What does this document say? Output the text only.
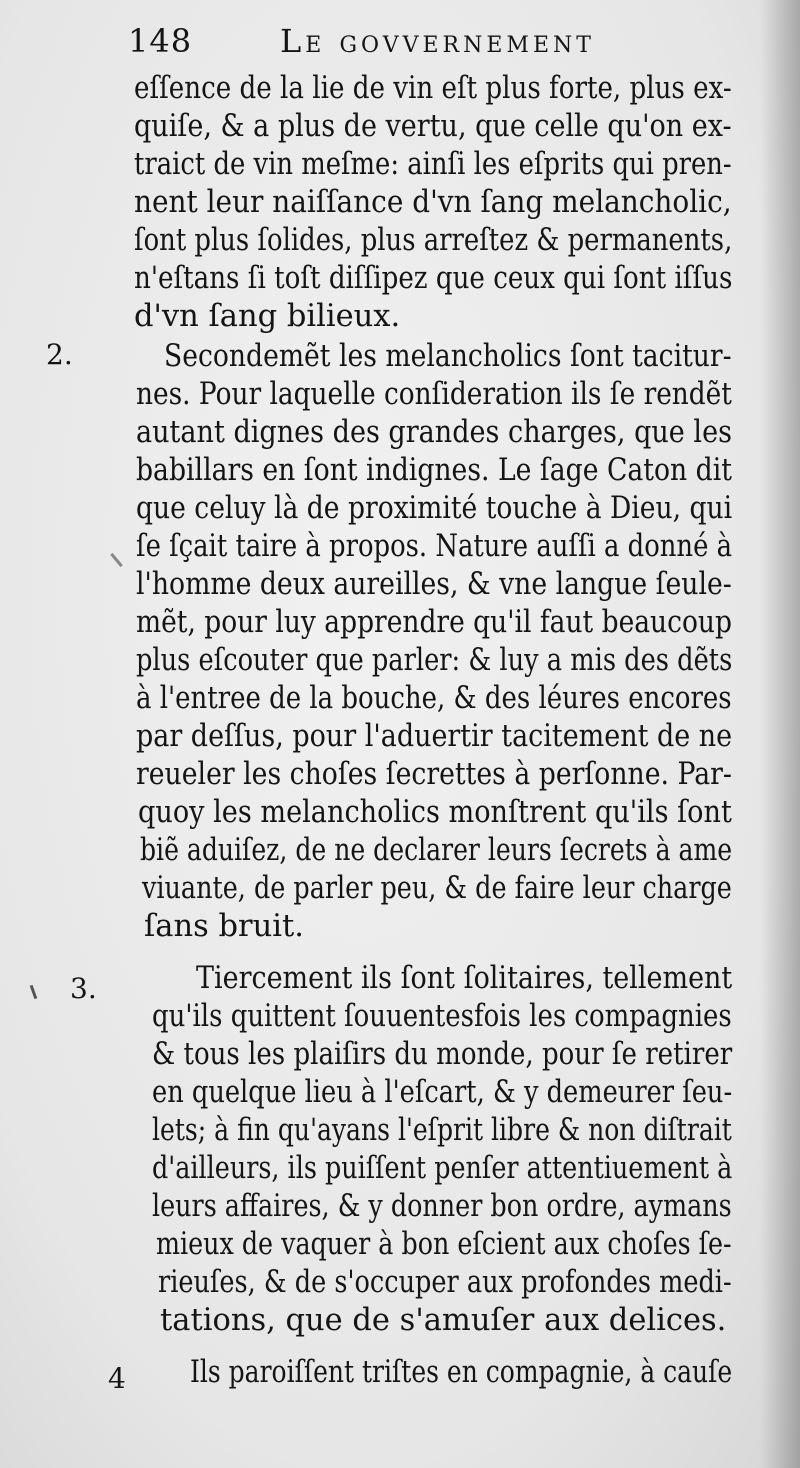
148	Le govvernement
2.
3.
4
eſſence de la lie de vin eſt plus forte, plus ex-
quiſe, & a plus de vertu, que celle qu'on ex-
traict de vin meſme: ainſi les eſprits qui pren-
nent leur naiſſance d'vn ſang melancholic,
ſont plus ſolides, plus arreſtez & permanents,
n'eſtans ſi toſt diſſipez que ceux qui ſont iſſus
d'vn ſang bilieux.
Secondemẽt les melancholics ſont tacitur-
nes. Pour laquelle conſideration ils ſe rendẽt
autant dignes des grandes charges, que les
babillars en ſont indignes. Le ſage Caton dit
que celuy là de proximité touche à Dieu, qui
ſe ſçait taire à propos. Nature auſſi a donné à
l'homme deux aureilles, & vne langue ſeule-
mẽt, pour luy apprendre qu'il faut beaucoup
plus eſcouter que parler: & luy a mis des dẽts
à l'entree de la bouche, & des léures encores
par deſſus, pour l'aduertir tacitement de ne
reueler les choſes ſecrettes à perſonne. Par-
quoy les melancholics monſtrent qu'ils ſont
biẽ aduiſez, de ne declarer leurs ſecrets à ame
viuante, de parler peu, & de faire leur charge
ſans bruit.
Tiercement ils ſont ſolitaires, tellement
qu'ils quittent ſouuentesfois les compagnies
& tous les plaiſirs du monde, pour ſe retirer
en quelque lieu à l'eſcart, & y demeurer ſeu-
lets; à fin qu'ayans l'eſprit libre & non diſtrait
d'ailleurs, ils puiſſent penſer attentiuement à
leurs affaires, & y donner bon ordre, aymans
mieux de vaquer à bon eſcient aux choſes ſe-
rieuſes, & de s'occuper aux profondes medi-
tations, que de s'amuſer aux delices.
Ils paroiſſent triſtes en compagnie, à cauſe
